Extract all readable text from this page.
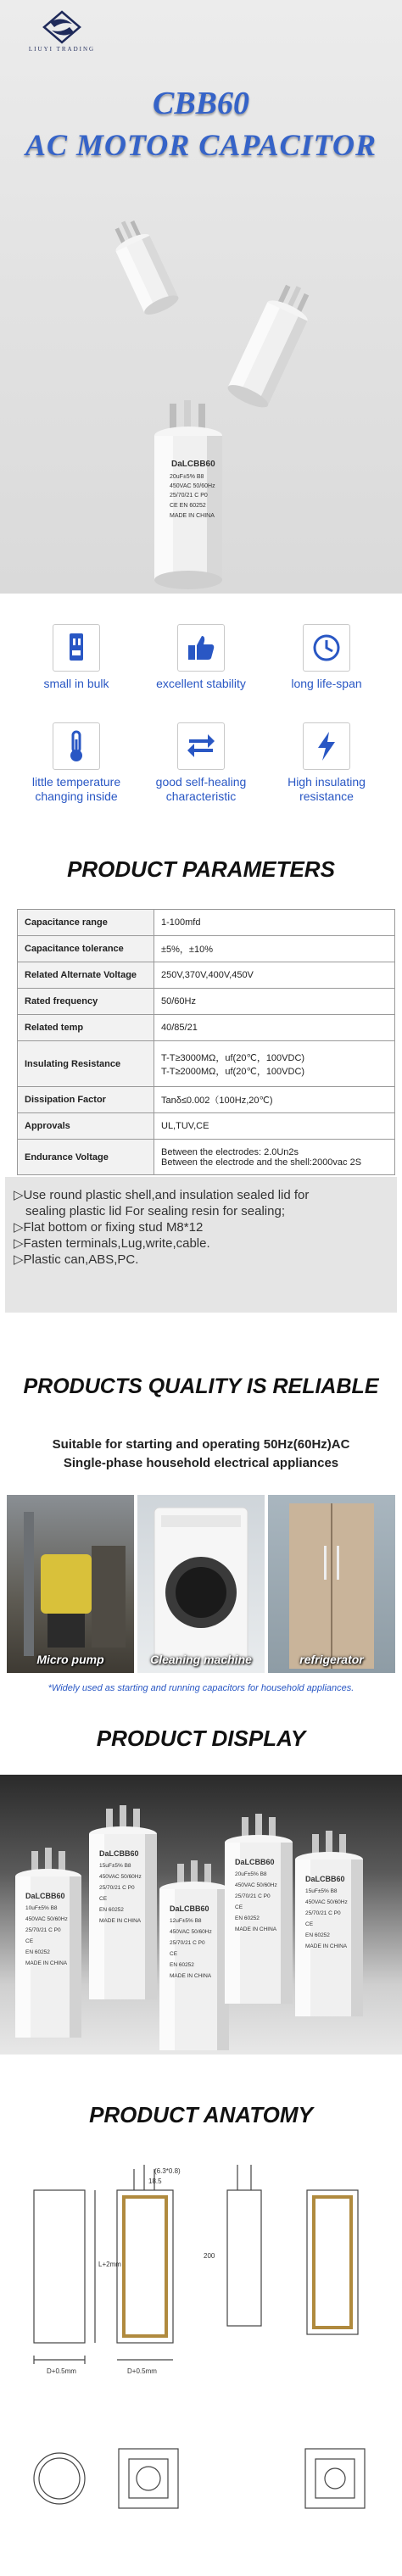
LIUYI TRADING
CBB60
AC MOTOR CAPACITOR
DaLCBB60
20uF±5% B8
450VAC 50/60Hz
25/70/21 C P0
CE EN 60252
MADE IN CHINA
small in bulk	excellent stability	long life-span
little temperature changing inside
good self-healing characteristic
High insulating resistance
PRODUCT PARAMETERS
Capacitance range	1-100mfd
Capacitance tolerance	±5%，±10%
Related Alternate Voltage	250V,370V,400V,450V
Rated frequency	50/60Hz
Related temp	40/85/21
Insulating Resistance	T-T≥3000MΩ，uf(20℃，100VDC)
T-T≥2000MΩ，uf(20℃，100VDC)

Dissipation Factor	Tanδ≤0.002（100Hz,20℃)
Approvals	UL,TUV,CE
Endurance Voltage	Between the electrodes: 2.0Un2s
Between the electrode and the shell:2000vac 2S
▷Use round plastic shell,and insulation sealed lid for
sealing plastic lid For sealing resin for sealing;
▷Flat bottom or fixing stud M8*12
▷Fasten terminals,Lug,write,cable.
▷Plastic can,ABS,PC.
PRODUCTS QUALITY IS RELIABLE
Suitable for starting and operating 50Hz(60Hz)AC
Single-phase household electrical appliances
Micro pump	Cleaning machine	refrigerator
*Widely used as starting and running capacitors for household appliances.
PRODUCT DISPLAY
DaLCBB60
10uF±5% B8
450VAC 50/60Hz
25/70/21 C P0
CE
EN 60252
MADE IN CHINA
DaLCBB60
15uF±5% B8
450VAC 50/60Hz
25/70/21 C P0
CE
EN 60252
MADE IN CHINA
DaLCBB60
12uF±5% B8
450VAC 50/60Hz
25/70/21 C P0
CE
EN 60252
MADE IN CHINA
DaLCBB60
20uF±5% B8
450VAC 50/60Hz
25/70/21 C P0
CE
EN 60252
MADE IN CHINA
DaLCBB60
15uF±5% B8
450VAC 50/60Hz
25/70/21 C P0
CE
EN 60252
MADE IN CHINA
PRODUCT ANATOMY
D+0.5mm
L+2mm
D+0.5mm
(6.3*0.8)
18.5
200
